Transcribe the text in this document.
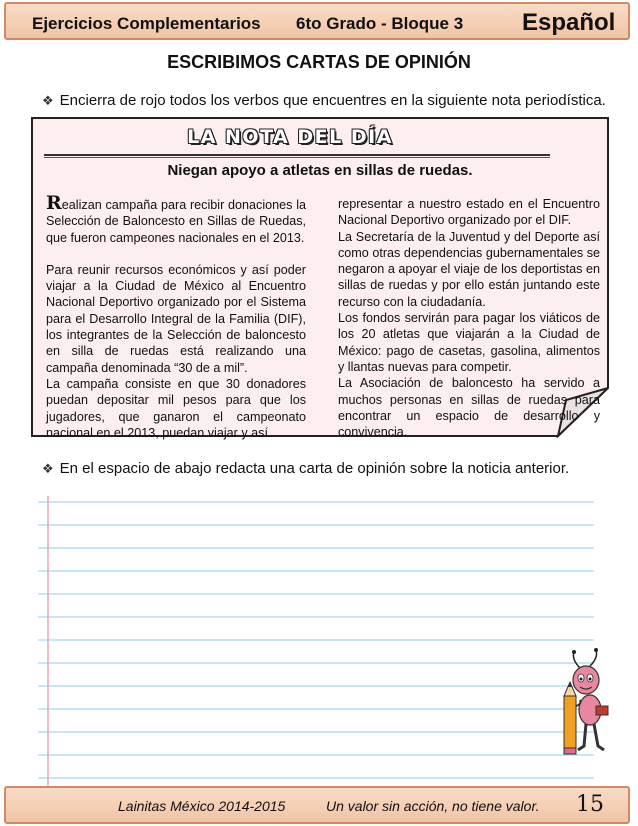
Ejercicios Complementarios 6to Grado - Bloque 3 Español
ESCRIBIMOS CARTAS DE OPINIÓN
❖ Encierra de rojo todos los verbos que encuentres en la siguiente nota periodística.
LA NOTA DEL DÍA
Niegan apoyo a atletas en sillas de ruedas.

Realizan campaña para recibir donaciones la Selección de Baloncesto en Sillas de Ruedas, que fueron campeones nacionales en el 2013.

Para reunir recursos económicos y así poder viajar a la Ciudad de México al Encuentro Nacional Deportivo organizado por el Sistema para el Desarrollo Integral de la Familia (DIF), los integrantes de la Selección de baloncesto en silla de ruedas está realizando una campaña denominada “30 de a mil”.

La campaña consiste en que 30 donadores puedan depositar mil pesos para que los jugadores, que ganaron el campeonato nacional en el 2013, puedan viajar y así

representar a nuestro estado en el Encuentro Nacional Deportivo organizado por el DIF.

La Secretaría de la Juventud y del Deporte así como otras dependencias gubernamentales se negaron a apoyar el viaje de los deportistas en sillas de ruedas y por ello están juntando este recurso con la ciudadanía.

Los fondos servirán para pagar los viáticos de los 20 atletas que viajarán a la Ciudad de México: pago de casetas, gasolina, alimentos y llantas nuevas para competir.

La Asociación de baloncesto ha servido a muchos personas en sillas de ruedas para encontrar un espacio de desarrollo y convivencia.

❖ En el espacio de abajo redacta una carta de opinión sobre la noticia anterior.
Lainitas México 2014-2015	Un valor sin acción, no tiene valor. 15
